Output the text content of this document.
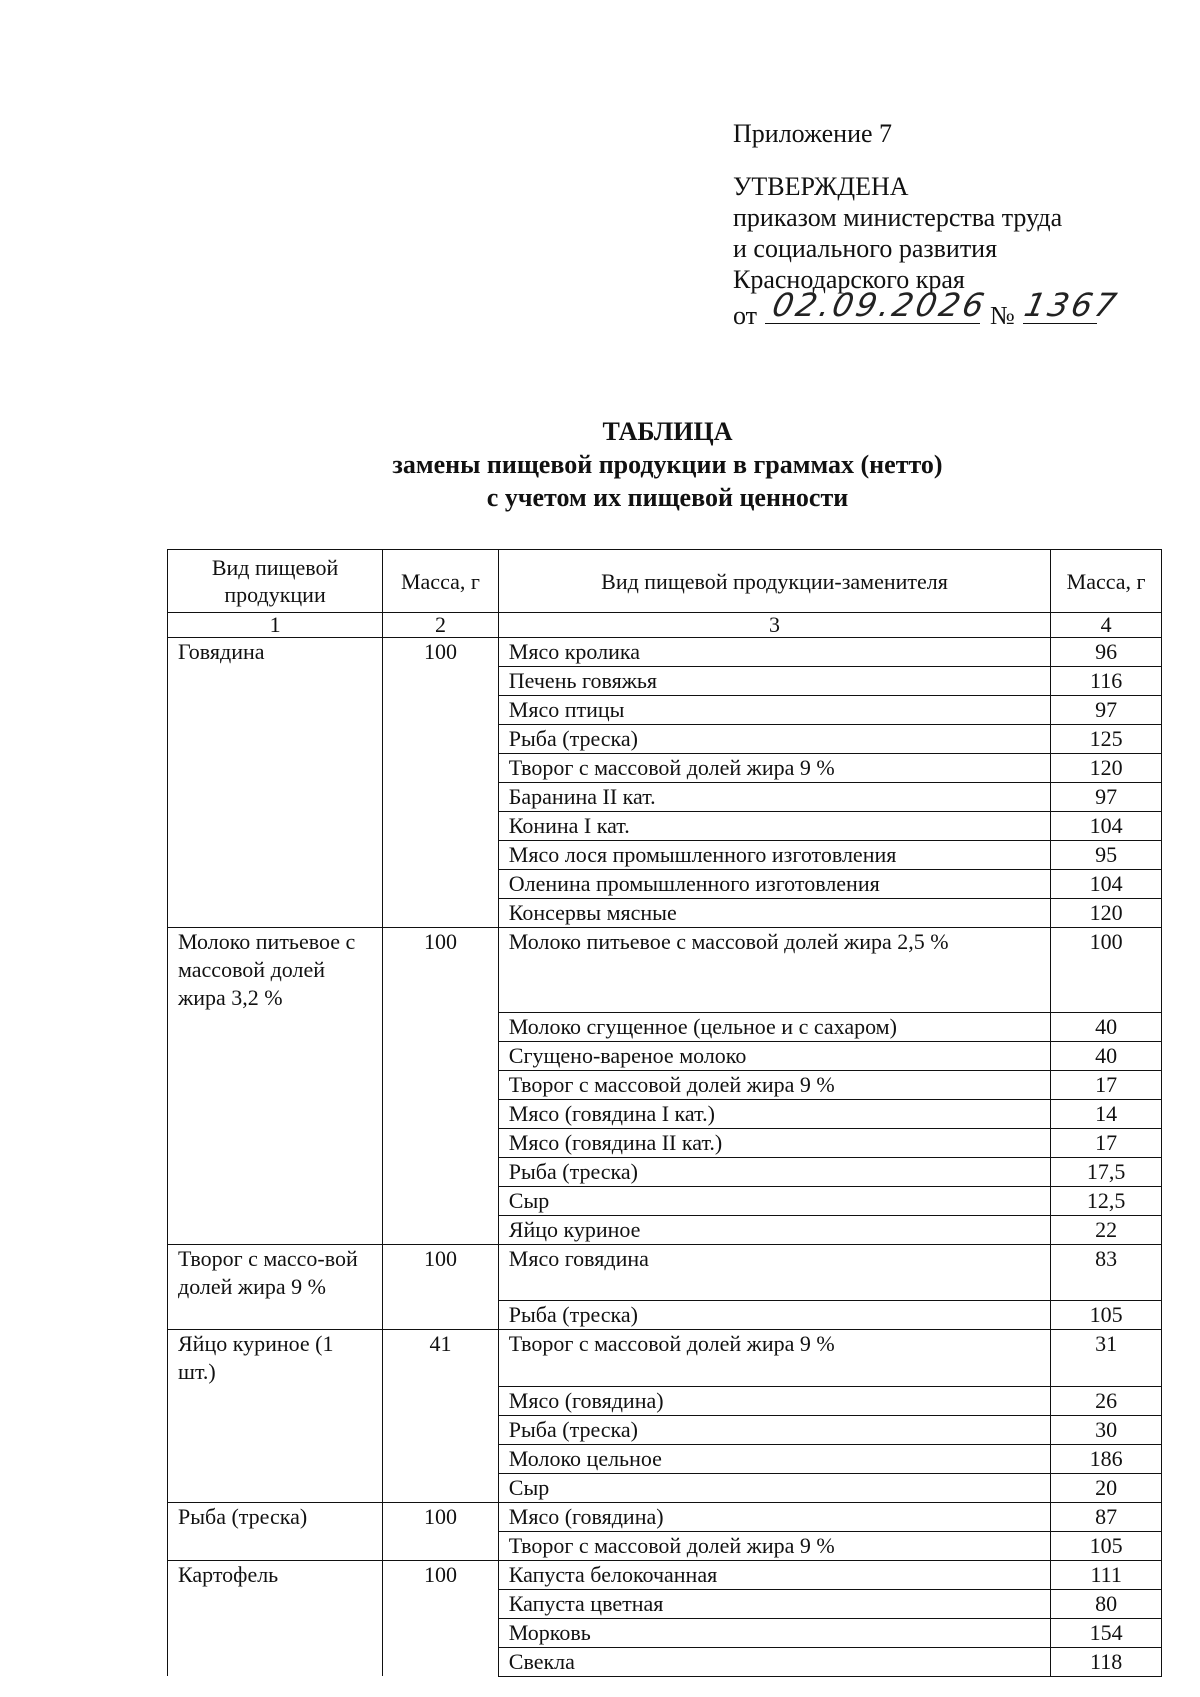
Приложение 7
УТВЕРЖДЕНА
приказом министерства труда
и социального развития
Краснодарского края
от 02.09.2026 № 1367
ТАБЛИЦА
замены пищевой продукции в граммах (нетто)
с учетом их пищевой ценности
Вид пищевой продукции	Масса, г	Вид пищевой продукции-заменителя	Масса, г
1	2	3	4
Говядина	100	Мясо кролика	96
		Печень говяжья	116
		Мясо птицы	97
		Рыба (треска)	125
		Творог с массовой долей жира 9 %	120
		Баранина II кат.	97
		Конина I кат.	104
		Мясо лося промышленного изготовления	95
		Оленина промышленного изготовления	104
		Консервы мясные	120
Молоко питьевое с массовой долей жира 3,2 %	100	Молоко питьевое с массовой долей жира 2,5 %	100
		Молоко сгущенное (цельное и с сахаром)	40
		Сгущено-вареное молоко	40
		Творог с массовой долей жира 9 %	17
		Мясо (говядина I кат.)	14
		Мясо (говядина II кат.)	17
		Рыба (треска)	17,5
		Сыр	12,5
		Яйцо куриное	22
Творог с массо-вой долей жира 9 %	100	Мясо говядина	83
		Рыба (треска)	105
Яйцо куриное (1 шт.)	41	Творог с массовой долей жира 9 %	31
		Мясо (говядина)	26
		Рыба (треска)	30
		Молоко цельное	186
		Сыр	20
Рыба (треска)	100	Мясо (говядина)	87
		Творог с массовой долей жира 9 %	105
Картофель	100	Капуста белокочанная	111
		Капуста цветная	80
		Морковь	154
		Свекла	118
